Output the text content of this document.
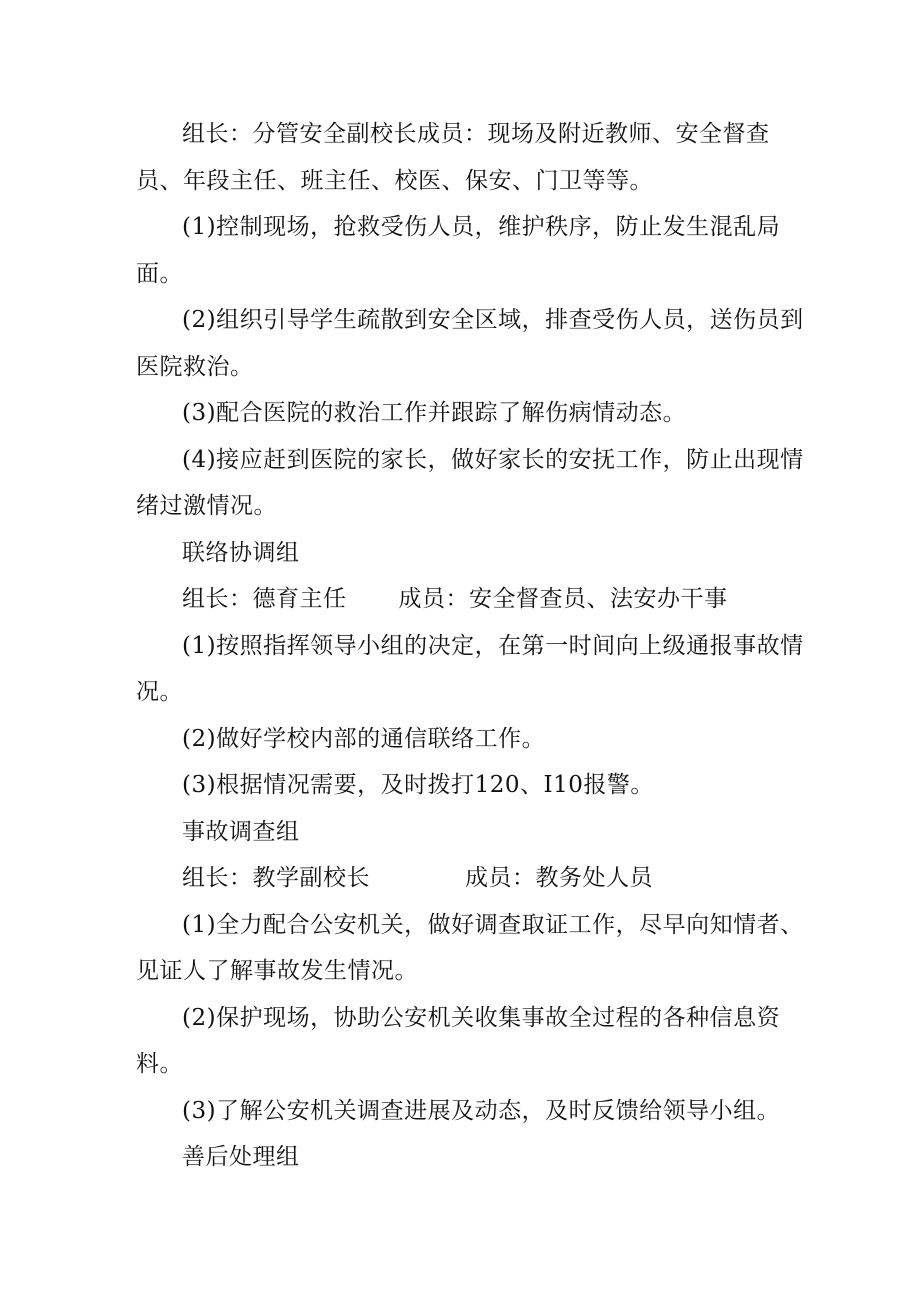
组长：分管安全副校长成员：现场及附近教师、安全督查员、年段主任、班主任、校医、保安、门卫等等。

(1)控制现场，抢救受伤人员，维护秩序，防止发生混乱局面。

(2)组织引导学生疏散到安全区域，排查受伤人员，送伤员到医院救治。

(3)配合医院的救治工作并跟踪了解伤病情动态。

(4)接应赶到医院的家长，做好家长的安抚工作，防止出现情绪过激情况。

联络协调组

组长：德育主任 成员：安全督查员、法安办干事

(1)按照指挥领导小组的决定，在第一时间向上级通报事故情况。

(2)做好学校内部的通信联络工作。

(3)根据情况需要，及时拨打120、I10报警。

事故调查组

组长：教学副校长	成员：教务处人员

(1)全力配合公安机关，做好调查取证工作，尽早向知情者、见证人了解事故发生情况。

(2)保护现场，协助公安机关收集事故全过程的各种信息资料。

(3)了解公安机关调查进展及动态，及时反馈给领导小组。

善后处理组
